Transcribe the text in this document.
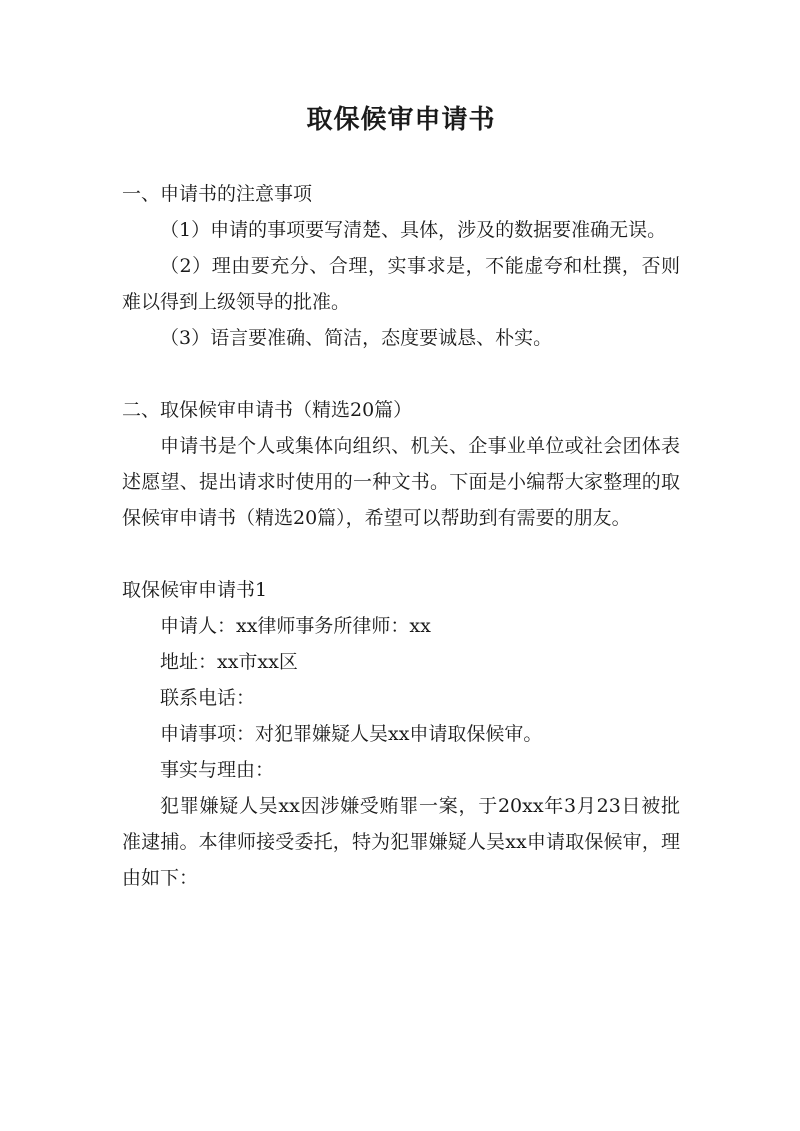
取保候审申请书

一、申请书的注意事项

（1）申请的事项要写清楚、具体，涉及的数据要准确无误。

（2）理由要充分、合理，实事求是，不能虚夸和杜撰，否则难以得到上级领导的批准。

（3）语言要准确、简洁，态度要诚恳、朴实。

二、取保候审申请书（精选20篇）

申请书是个人或集体向组织、机关、企事业单位或社会团体表述愿望、提出请求时使用的一种文书。下面是小编帮大家整理的取保候审申请书（精选20篇），希望可以帮助到有需要的朋友。

取保候审申请书1

申请人：xx律师事务所律师：xx

地址：xx市xx区

联系电话：

申请事项：对犯罪嫌疑人吴xx申请取保候审。

事实与理由：

犯罪嫌疑人吴xx因涉嫌受贿罪一案，于20xx年3月23日被批准逮捕。本律师接受委托，特为犯罪嫌疑人吴xx申请取保候审，理由如下：
